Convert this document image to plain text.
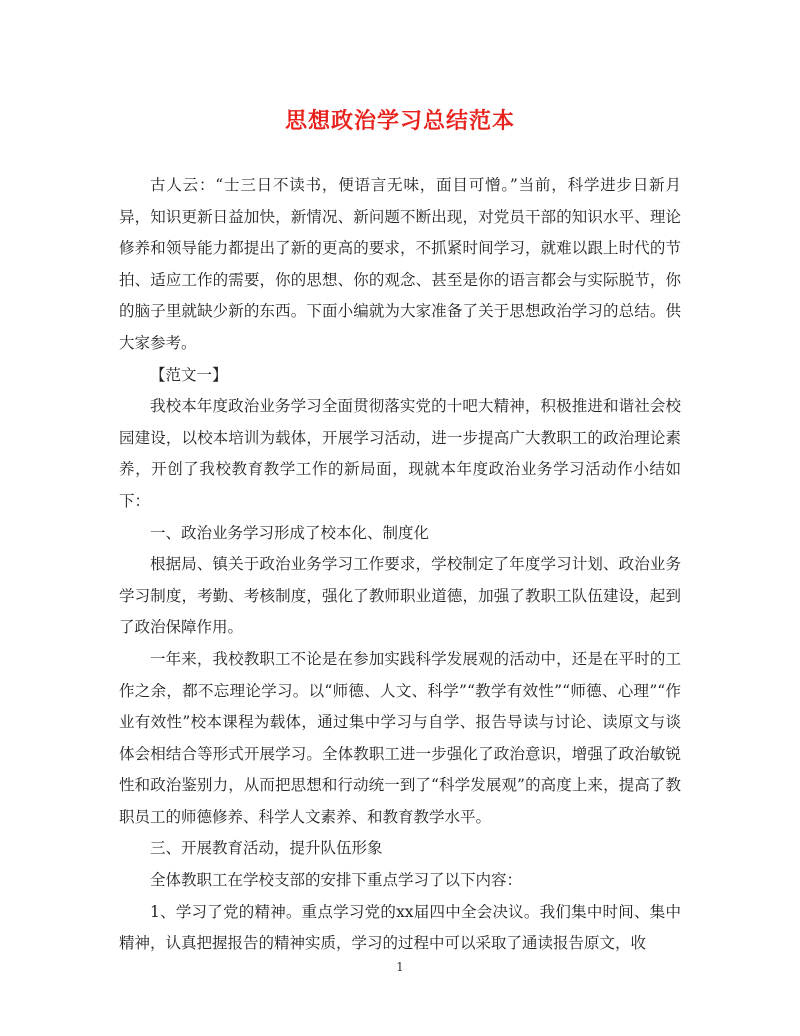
思想政治学习总结范本

古人云：“士三日不读书，便语言无味，面目可憎。”当前，科学进步日新月异，知识更新日益加快，新情况、新问题不断出现，对党员干部的知识水平、理论修养和领导能力都提出了新的更高的要求，不抓紧时间学习，就难以跟上时代的节拍、适应工作的需要，你的思想、你的观念、甚至是你的语言都会与实际脱节，你的脑子里就缺少新的东西。下面小编就为大家准备了关于思想政治学习的总结。供大家参考。

【范文一】

我校本年度政治业务学习全面贯彻落实党的十吧大精神，积极推进和谐社会校园建设，以校本培训为载体，开展学习活动，进一步提高广大教职工的政治理论素养，开创了我校教育教学工作的新局面，现就本年度政治业务学习活动作小结如下：

一、政治业务学习形成了校本化、制度化

根据局、镇关于政治业务学习工作要求，学校制定了年度学习计划、政治业务学习制度，考勤、考核制度，强化了教师职业道德，加强了教职工队伍建设，起到了政治保障作用。

一年来，我校教职工不论是在参加实践科学发展观的活动中，还是在平时的工作之余，都不忘理论学习。以“师德、人文、科学”“教学有效性”“师德、心理”“作业有效性”校本课程为载体，通过集中学习与自学、报告导读与讨论、读原文与谈体会相结合等形式开展学习。全体教职工进一步强化了政治意识，增强了政治敏锐性和政治鉴别力，从而把思想和行动统一到了“科学发展观”的高度上来，提高了教职员工的师德修养、科学人文素养、和教育教学水平。

三、开展教育活动，提升队伍形象

全体教职工在学校支部的安排下重点学习了以下内容：

1、学习了党的精神。重点学习党的xx届四中全会决议。我们集中时间、集中精神，认真把握报告的精神实质，学习的过程中可以采取了通读报告原文，收

1
